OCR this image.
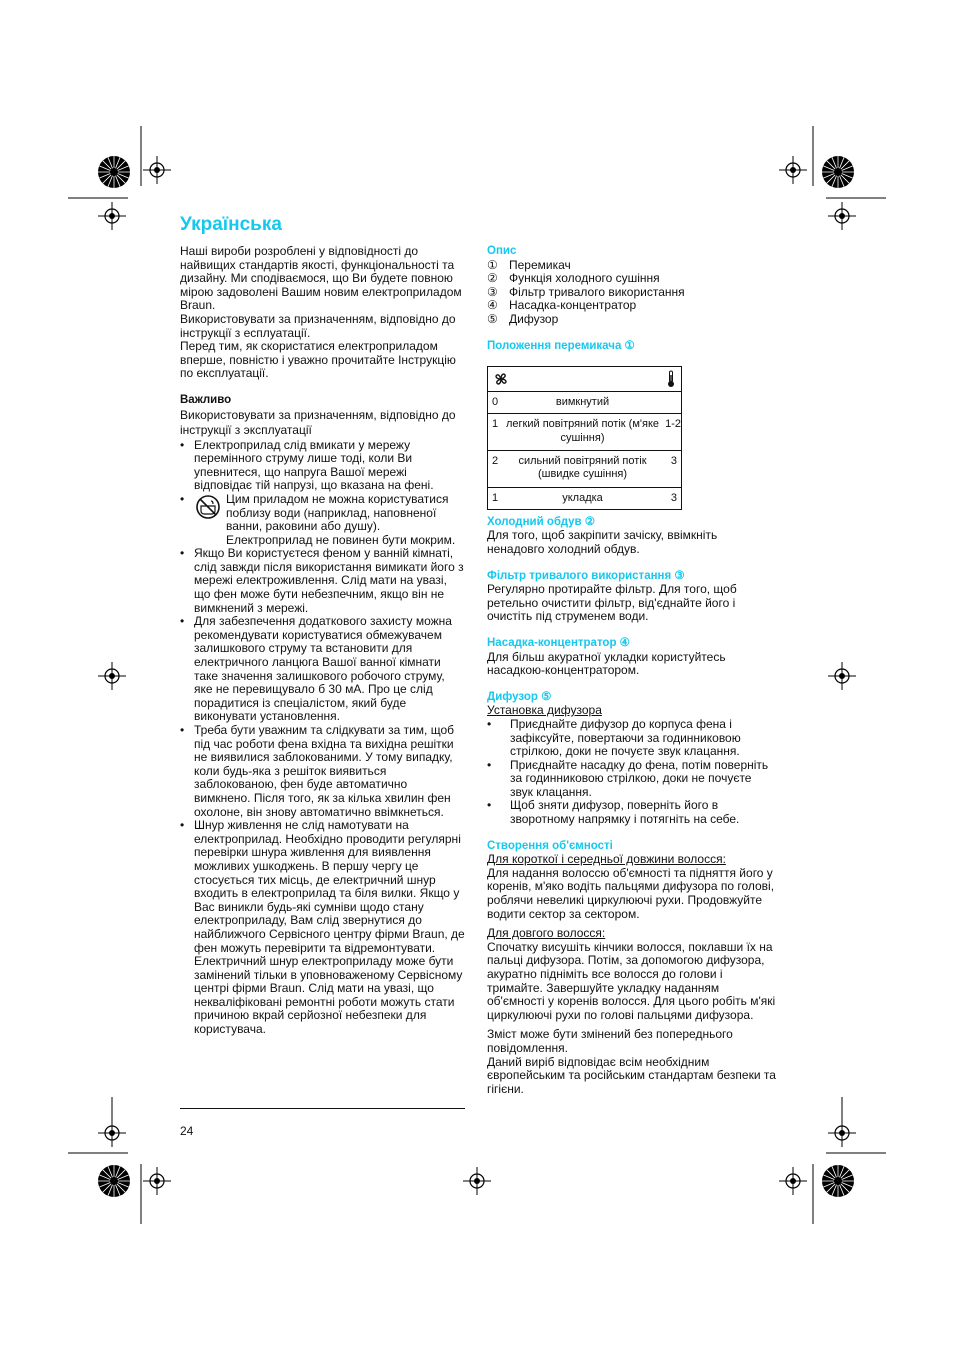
Українська

Наші вироби розроблені у відповідності до найвищих стандартів якості, функціональності та дизайну. Ми сподіваємося, що Ви будете повною мірою задоволені Вашим новим електроприладом Braun.

Використовувати за призначенням, відповідно до інструкції з есплуатації.

Перед тим, як скористатися електроприладом вперше, повністю і уважно прочитайте Інструкцію по експлуатації.

Важливо

Використовувати за призначенням, відповідно до інструкції з эксплуатації

• Електроприлад слід вмикати у мережу перемінного струму лише тоді, коли Ви упевнитеся, що напруга Вашої мережі відповідає тій напрузі, що вказана на фені.
• Цим приладом не можна користуватися поблизу води (наприклад, наповненої ванни, раковини або душу). Електроприлад не повинен бути мокрим.
• Якщо Ви користуєтеся феном у ванній кімнаті, слід завжди після використання вимикати його з мережі електроживлення. Слід мати на увазі, що фен може бути небезпечним, якщо він не вимкнений з мережі.
• Для забезпечення додаткового захисту можна рекомендувати користуватися обмежувачем залишкового струму та встановити для електричного ланцюга Вашої ванної кімнати таке значення залишкового робочого струму, яке не перевищувало б 30 мА. Про це слід порадитися із спеціалістом, який буде виконувати установлення.
• Треба бути уважним та слідкувати за тим, щоб під час роботи фена вхідна та вихідна решітки не виявилися заблокованими. У тому випадку, коли будь-яка з решіток виявиться заблокованою, фен буде автоматично вимкнено. Після того, як за кілька хвилин фен охолоне, він знову автоматично ввімкнеться.
• Шнур живлення не слід намотувати на електроприлад. Необхідно проводити регулярні перевірки шнура живлення для виявлення можливих ушкоджень. В першу чергу це стосується тих місць, де електричний шнур входить в електроприлад та біля вилки. Якщо у Вас виникли будь-які сумніви щодо стану електроприладу, Вам слід звернутися до найближчого Сервісного центру фірми Braun, де фен можуть перевірити та відремонтувати. Електричний шнур електроприладу може бути замінений тільки в уповноваженому Сервісному центрі фірми Braun. Слід мати на увазі, що некваліфіковані ремонтні роботи можуть стати причиною вкрай серйозної небезпеки для користувача.

Опис

① Перемикач
② Функція холодного сушіння
③ Фільтр тривалого використання
④ Насадка-концентратор
⑤ Дифузор

Положення перемикача ①

0	вимкнутий	
1	легкий повітряний потік (м'яке сушіння)	1-2
2	сильний повітряний потік (швидке сушіння)	3
1	укладка	3

Холодний обдув ②

Для того, щоб закріпити зачіску, ввімкніть ненадовго холодний обдув.

Фільтр тривалого використання ③

Регулярно протирайте фільтр. Для того, щоб ретельно очистити фільтр, від'єднайте його і очистіть під струменем води.

Насадка-концентратор ④

Для більш акуратної укладки користуйтесь насадкою-концентратором.

Дифузор ⑤

Установка дифузора

• Приєднайте дифузор до корпуса фена і зафіксуйте, повертаючи за годинниковою стрілкою, доки не почуєте звук клацання.
• Приєднайте насадку до фена, потім поверніть за годинниковою стрілкою, доки не почуєте звук клацання.
• Щоб зняти дифузор, поверніть його в зворотному напрямку і потягніть на себе.

Створення об'ємності

Для короткої і середньої довжини волосся:

Для надання волоссю об'ємності та підняття його у коренів, м'яко водіть пальцями дифузора по голові, роблячи невеликі циркулюючі рухи. Продовжуйте водити сектор за сектором.

Для довгого волосся:

Спочатку висушіть кінчики волосся, поклавши їх на пальці дифузора. Потім, за допомогою дифузора, акуратно підніміть все волосся до голови і тримайте. Завершуйте укладку наданням об'ємності у коренів волосся. Для цього робіть м'які циркулюючі рухи по голові пальцями дифузора.

Зміст може бути змінений без попереднього повідомлення.

Даний виріб відповідає всім необхідним європейським та російським стандартам безпеки та гігієни.

24
